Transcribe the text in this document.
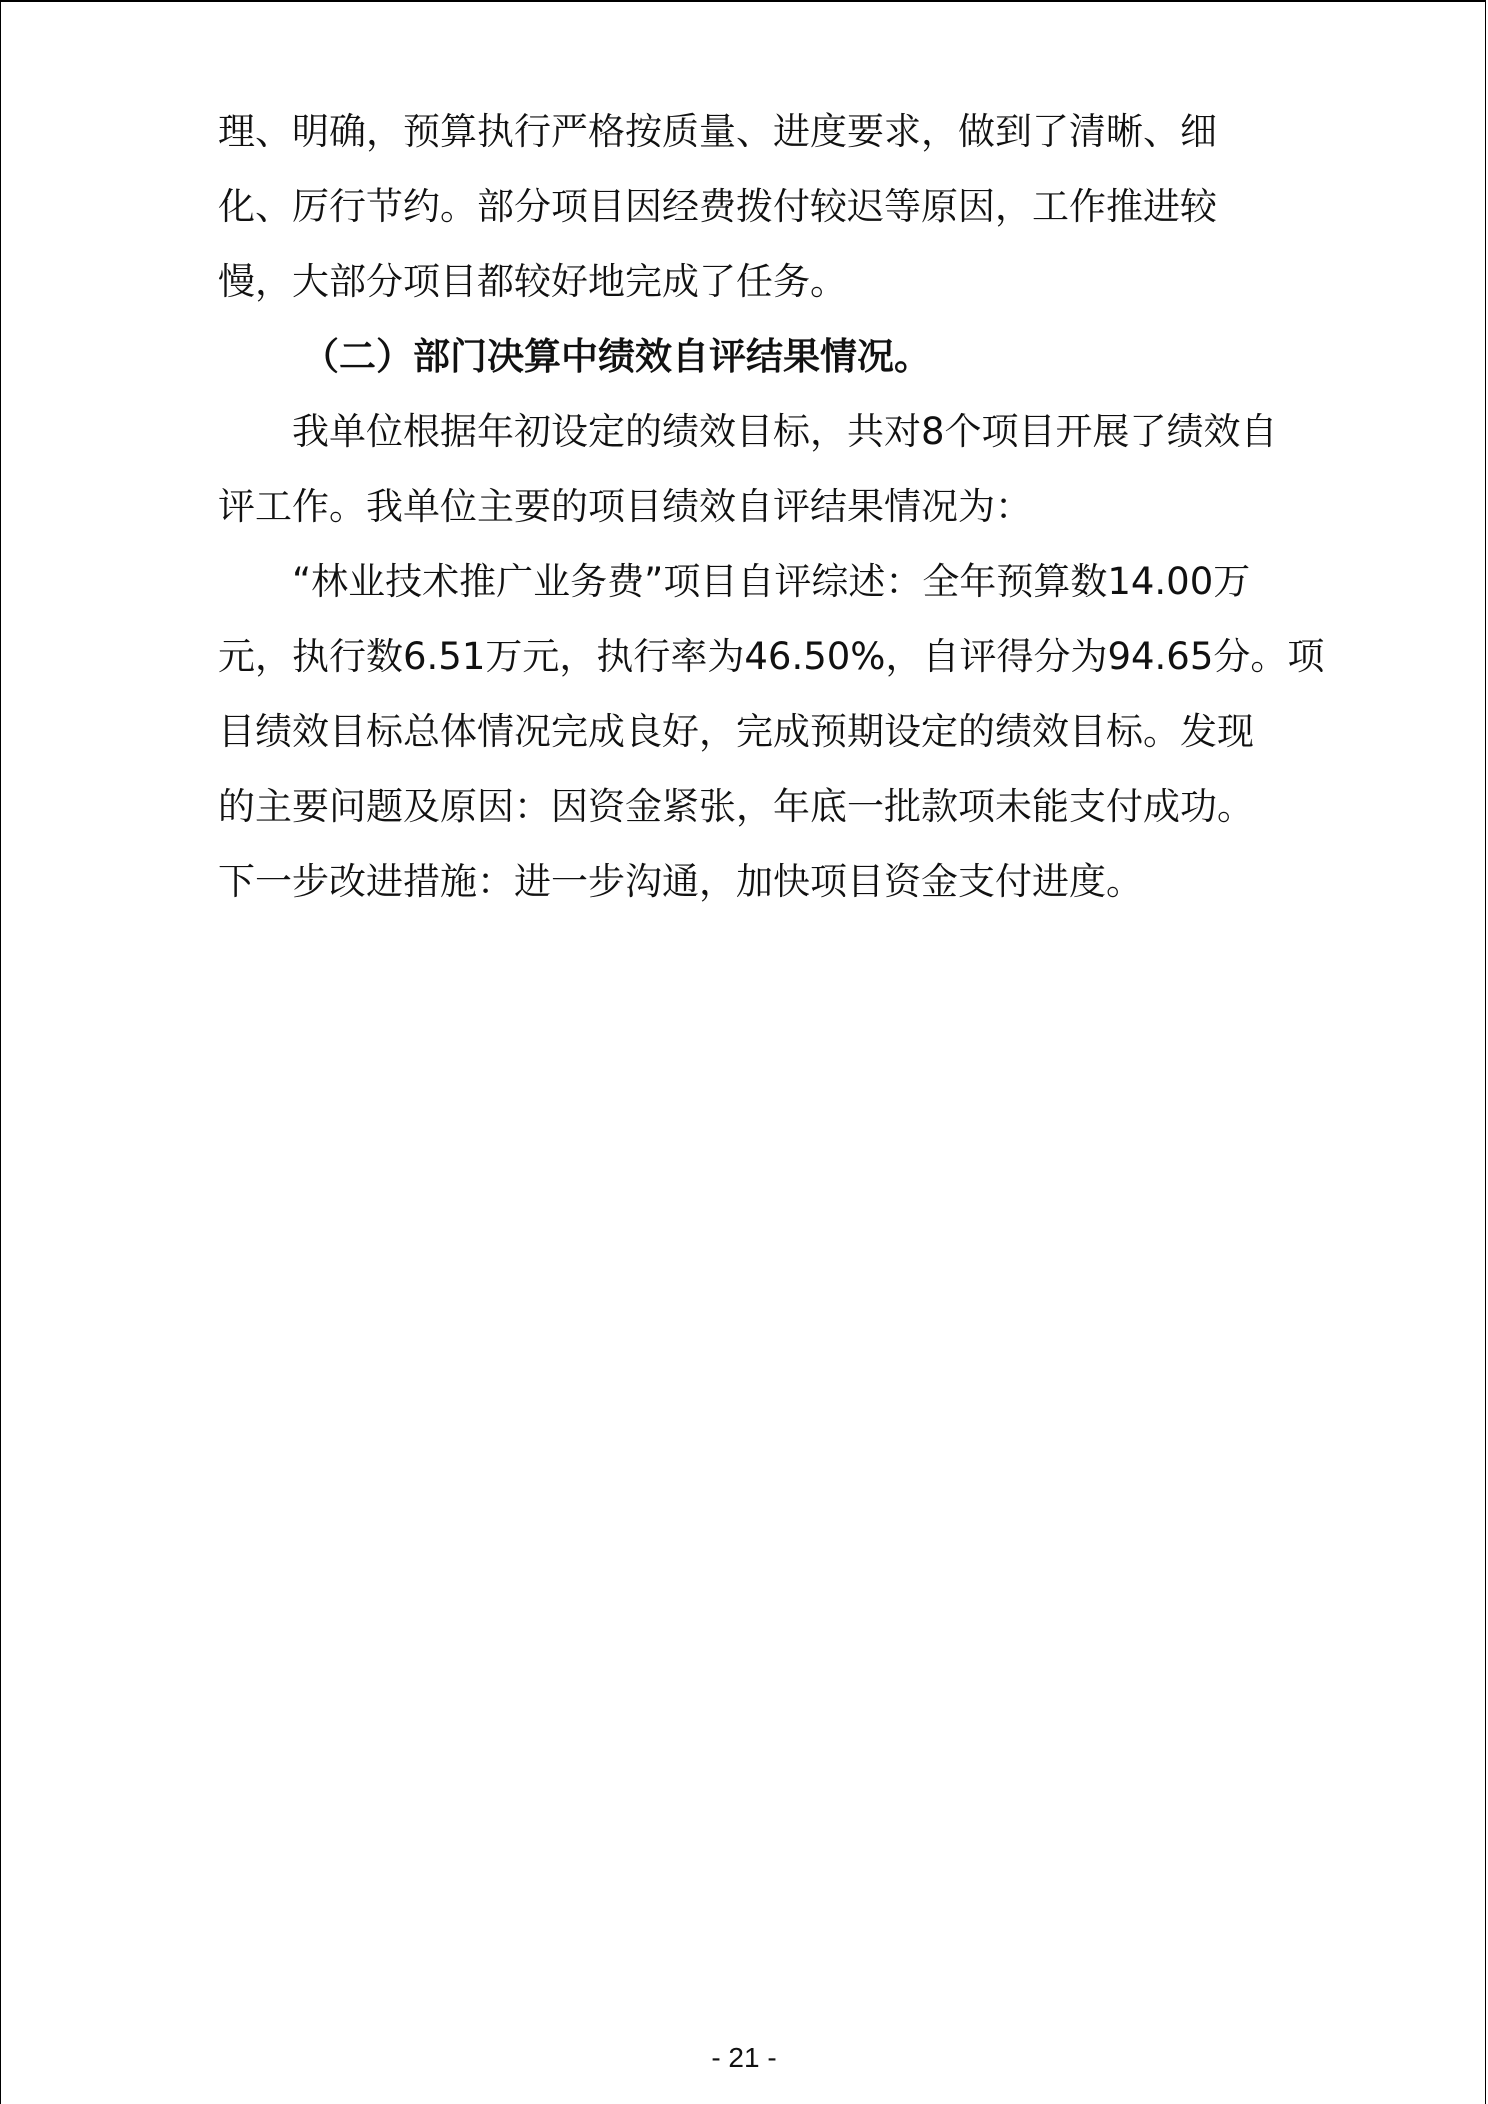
理、明确，预算执行严格按质量、进度要求，做到了清晰、细

化、厉行节约。部分项目因经费拨付较迟等原因，工作推进较

慢，大部分项目都较好地完成了任务。

（二）部门决算中绩效自评结果情况。

我单位根据年初设定的绩效目标，共对8个项目开展了绩效自

评工作。我单位主要的项目绩效自评结果情况为：

“林业技术推广业务费”项目自评综述：全年预算数14.00万

元，执行数6.51万元，执行率为46.50%，自评得分为94.65分。项

目绩效目标总体情况完成良好，完成预期设定的绩效目标。发现

的主要问题及原因：因资金紧张，年底一批款项未能支付成功。

下一步改进措施：进一步沟通，加快项目资金支付进度。

- 21 -
